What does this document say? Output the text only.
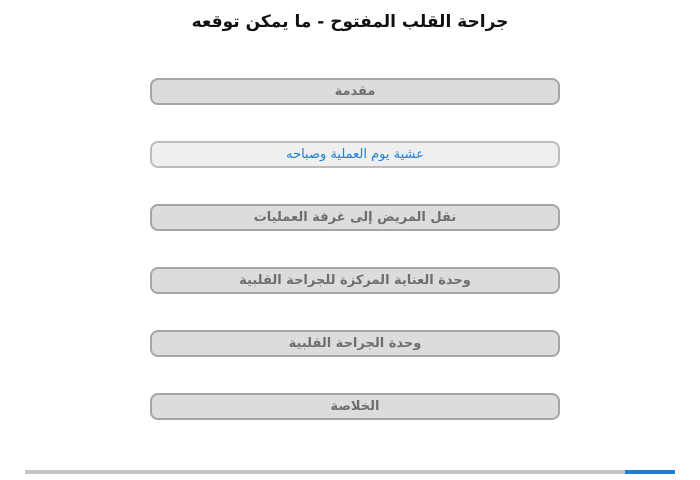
جراحة القلب المفتوح - ما يمكن توقعه
مقدمة
عشية يوم العملية وصباحه
نقل المريض إلى غرفة العمليات
وحدة العناية المركزة للجراحة القلبية
وحدة الجراحة القلبية
الخلاصة
